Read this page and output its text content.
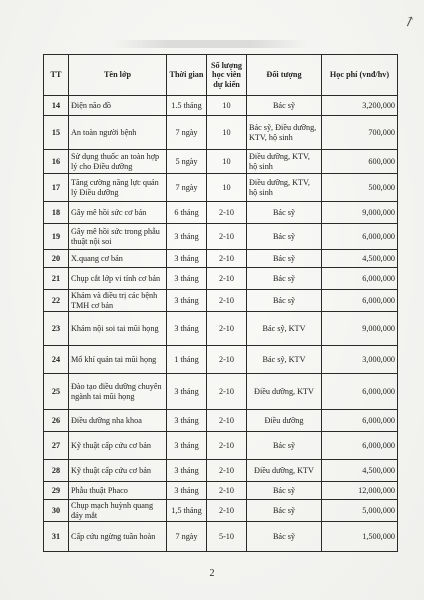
↗
TT	Tên lớp	Thời gian	Số lượng học viên dự kiến	Đối tượng	Học phí (vnđ/hv)
14	Điện não đồ	1.5 tháng	10	Bác sỹ	3,200,000
15	An toàn người bệnh	7 ngày	10	Bác sỹ, Điều dưỡng, KTV, hộ sinh	700,000
16	Sử dụng thuốc an toàn hợp lý cho Điều dưỡng	5 ngày	10	Điều dưỡng, KTV, hộ sinh	600,000
17	Tăng cường năng lực quản lý Điều dưỡng	7 ngày	10	Điều dưỡng, KTV, hộ sinh	500,000
18	Gây mê hồi sức cơ bản	6 tháng	2-10	Bác sỹ	9,000,000
19	Gây mê hồi sức trong phẫu thuật nội soi	3 tháng	2-10	Bác sỹ	6,000,000
20	X.quang cơ bản	3 tháng	2-10	Bác sỹ	4,500,000
21	Chụp cắt lớp vi tính cơ bản	3 tháng	2-10	Bác sỹ	6,000,000
22	Khám và điều trị các bệnh TMH cơ bản	3 tháng	2-10	Bác sỹ	6,000,000
23	Khám nội soi tai mũi họng	3 tháng	2-10	Bác sỹ, KTV	9,000,000
24	Mổ khí quản tai mũi họng	1 tháng	2-10	Bác sỹ, KTV	3,000,000
25	Đào tạo điều dưỡng chuyên ngành tai mũi họng	3 tháng	2-10	Điều dưỡng, KTV	6,000,000
26	Điều dưỡng nha khoa	3 tháng	2-10	Điều dưỡng	6,000,000
27	Kỹ thuật cấp cứu cơ bản	3 tháng	2-10	Bác sỹ	6,000,000
28	Kỹ thuật cấp cứu cơ bản	3 tháng	2-10	Điều dưỡng, KTV	4,500,000
29	Phẫu thuật Phaco	3 tháng	2-10	Bác sỹ	12,000,000
30	Chụp mạch huỳnh quang đáy mắt	1,5 tháng	2-10	Bác sỹ	5,000,000
31	Cấp cứu ngừng tuần hoàn	7 ngày	5-10	Bác sỹ	1,500,000
2
